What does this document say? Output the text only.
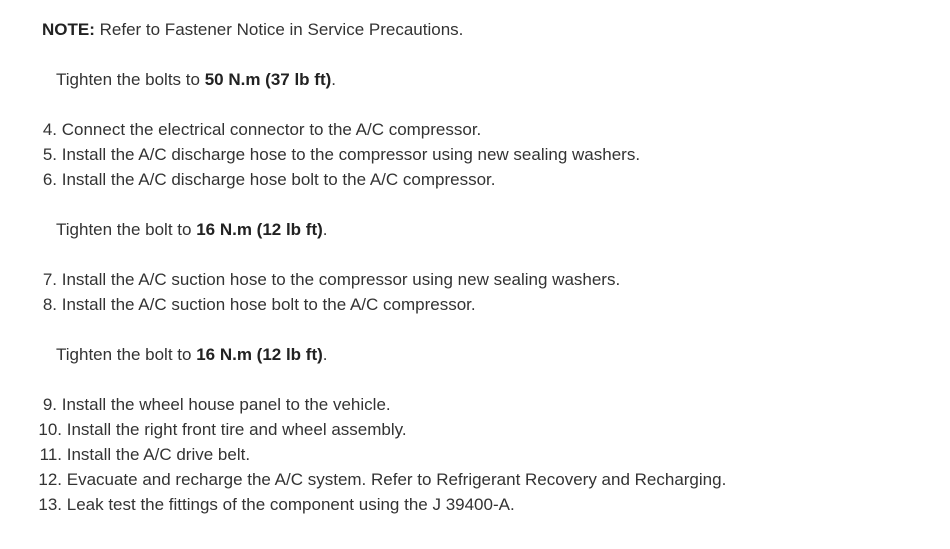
NOTE: Refer to Fastener Notice in Service Precautions.
Tighten the bolts to 50 N.m (37 lb ft).
4. Connect the electrical connector to the A/C compressor.
5. Install the A/C discharge hose to the compressor using new sealing washers.
6. Install the A/C discharge hose bolt to the A/C compressor.
Tighten the bolt to 16 N.m (12 lb ft).
7. Install the A/C suction hose to the compressor using new sealing washers.
8. Install the A/C suction hose bolt to the A/C compressor.
Tighten the bolt to 16 N.m (12 lb ft).
9. Install the wheel house panel to the vehicle.
10. Install the right front tire and wheel assembly.
11. Install the A/C drive belt.
12. Evacuate and recharge the A/C system. Refer to Refrigerant Recovery and Recharging.
13. Leak test the fittings of the component using the J 39400-A.
